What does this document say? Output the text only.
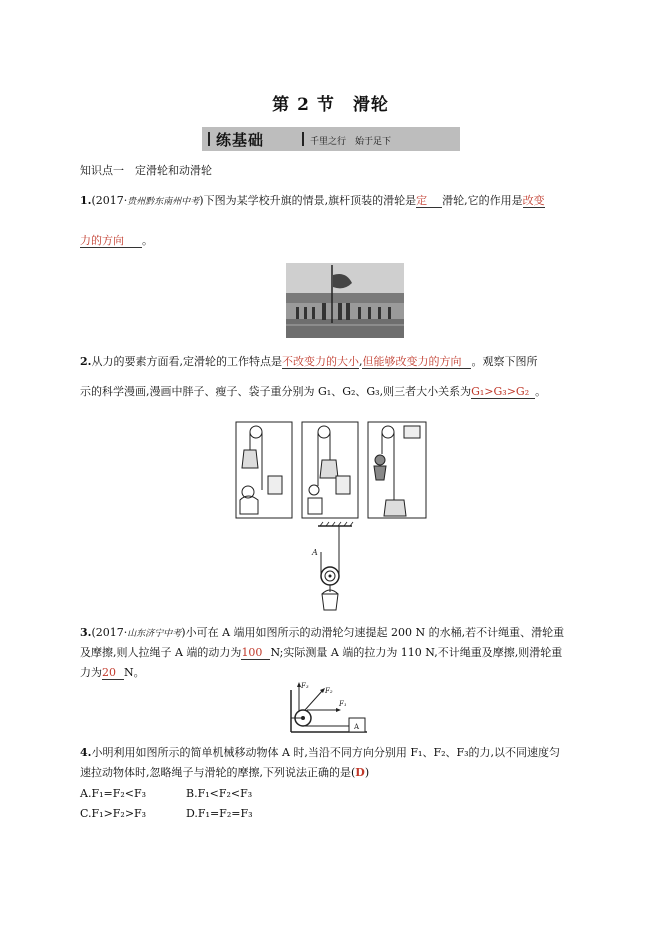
第 2 节　滑轮
练基础	千里之行　始于足下
知识点一　定滑轮和动滑轮
1.(2017·贵州黔东南州中考)下图为某学校升旗的情景,旗杆顶装的滑轮是定 滑轮,它的作用是改变
力的方向 。
2.从力的要素方面看,定滑轮的工作特点是不改变力的大小,但能够改变力的方向 。观察下图所
示的科学漫画,漫画中胖子、瘦子、袋子重分别为 G₁、G₂、G₃,则三者大小关系为G₁>G₃>G₂ 。
A
3.(2017·山东济宁中考)小可在 A 端用如图所示的动滑轮匀速提起 200 N 的水桶,若不计绳重、滑轮重
及摩擦,则人拉绳子 A 端的动力为100 N;实际测量 A 端的拉力为 110 N,不计绳重及摩擦,则滑轮重
力为20 N。
F₃
F₂
F₁
A
4.小明利用如图所示的简单机械移动物体 A 时,当沿不同方向分别用 F₁、F₂、F₃的力,以不同速度匀
速拉动物体时,忽略绳子与滑轮的摩擦,下列说法正确的是(D)
A.F₁=F₂<F₃	B.F₁<F₂<F₃
C.F₁>F₂>F₃	D.F₁=F₂=F₃
